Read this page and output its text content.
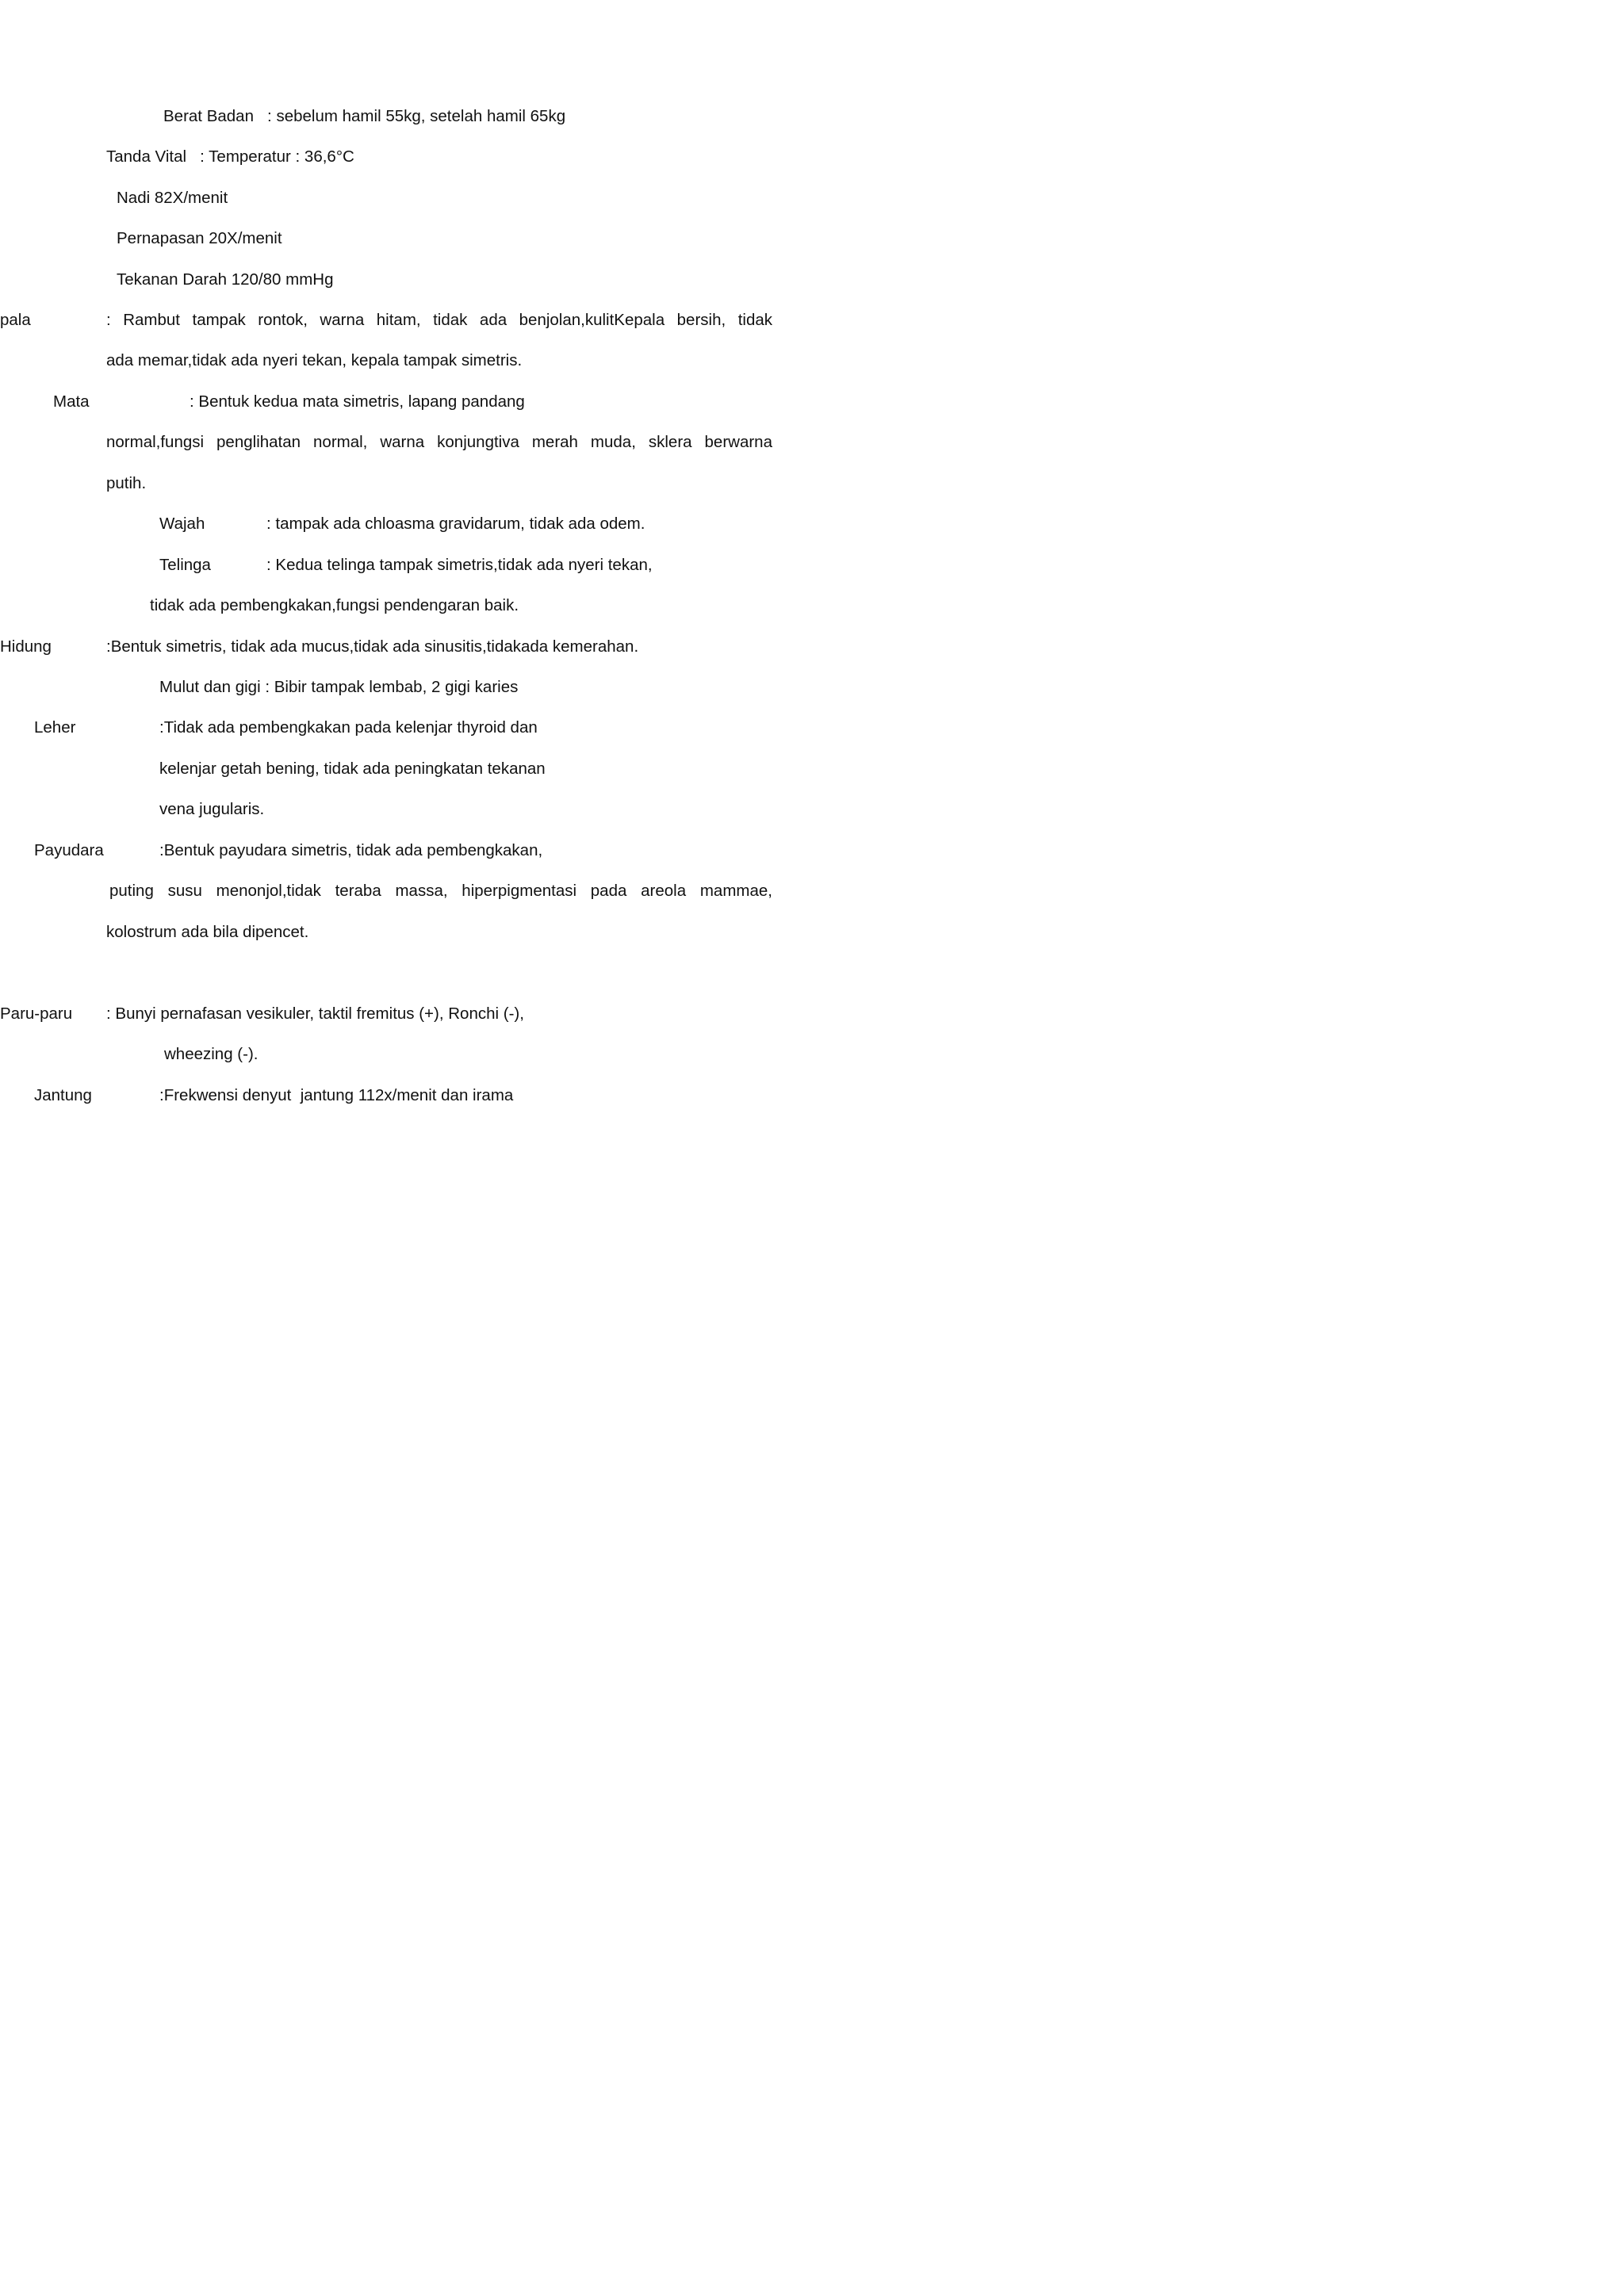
Berat Badan   : sebelum hamil 55kg, setelah hamil 65kg

Tanda Vital   : Temperatur : 36,6°C

Nadi 82X/menit

Pernapasan 20X/menit

Tekanan Darah 120/80 mmHg

pala	: Rambut tampak rontok, warna hitam, tidak ada benjolan,kulitKepala bersih, tidak

ada memar,tidak ada nyeri tekan, kepala tampak simetris.

Mata	: Bentuk kedua mata simetris, lapang pandang

normal,fungsi penglihatan normal, warna konjungtiva merah muda, sklera berwarna

putih.

Wajah	: tampak ada chloasma gravidarum, tidak ada odem.

Telinga	: Kedua telinga tampak simetris,tidak ada nyeri tekan,

tidak ada pembengkakan,fungsi pendengaran baik.

Hidung	:Bentuk simetris, tidak ada mucus,tidak ada sinusitis,tidakada kemerahan.

Mulut dan gigi : Bibir tampak lembab, 2 gigi karies

Leher	:Tidak ada pembengkakan pada kelenjar thyroid dan

kelenjar getah bening, tidak ada peningkatan tekanan

vena jugularis.

Payudara	:Bentuk payudara simetris, tidak ada pembengkakan,

puting susu menonjol,tidak teraba massa, hiperpigmentasi pada areola mammae,

kolostrum ada bila dipencet.

Paru-paru : Bunyi pernafasan vesikuler, taktil fremitus (+), Ronchi (-),

wheezing (-).

Jantung	:Frekwensi denyut  jantung 112x/menit dan irama
